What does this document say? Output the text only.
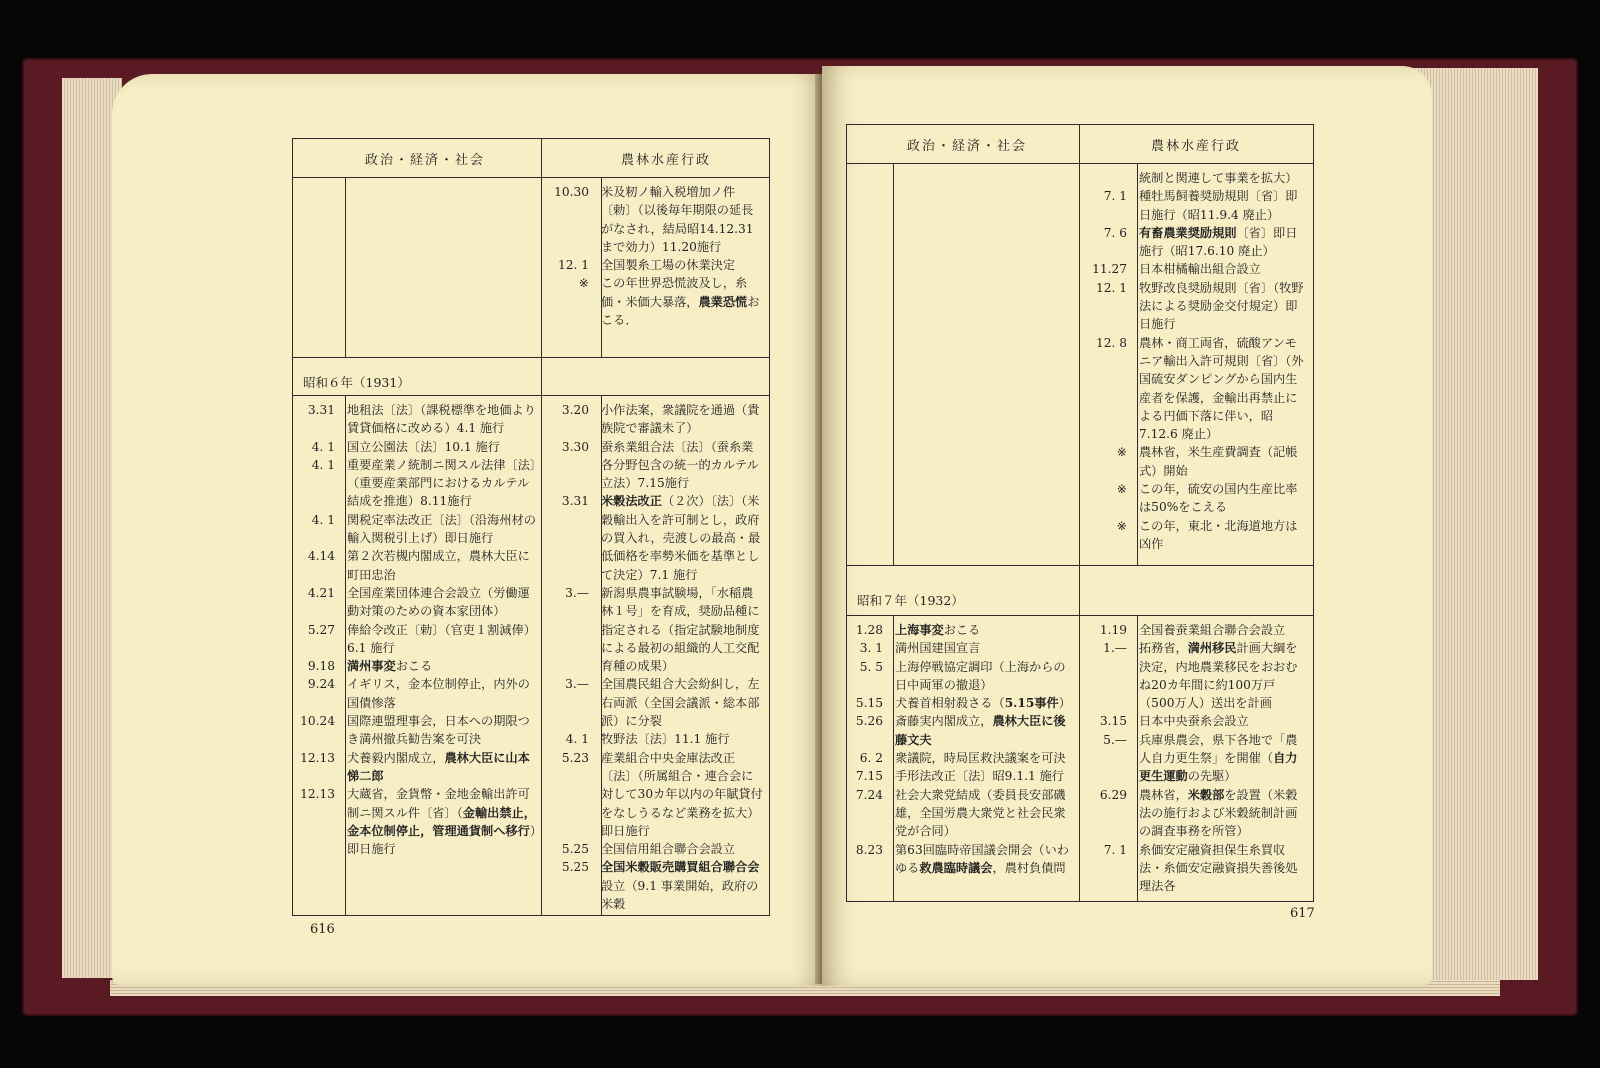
政治・経済・社会	農林水産行政
昭和６年（1931）
10.30 米及籾ノ輸入税増加ノ件〔勅〕（以後毎年期限の延長がなされ，結局昭14.12.31まで効力）11.20施行
12. 1 全国製糸工場の休業決定
※ この年世界恐慌波及し，糸価・米価大暴落，農業恐慌おこる．
3.31 地租法〔法〕（課税標準を地価より賃貸価格に改める）4.1 施行
4. 1 国立公園法〔法〕10.1 施行
4. 1 重要産業ノ統制ニ関スル法律〔法〕（重要産業部門におけるカルテル結成を推進）8.11施行
4. 1 関税定率法改正〔法〕（沿海州材の輸入関税引上げ）即日施行
4.14 第２次若槻内閣成立，農林大臣に町田忠治
4.21 全国産業団体連合会設立（労働運動対策のための資本家団体）
5.27 俸給令改正〔勅〕（官吏１割減俸）6.1 施行
9.18 満州事変おこる
9.24 イギリス，金本位制停止，内外の国債惨落
10.24 国際連盟理事会，日本への期限つき満州撤兵勧告案を可決
12.13 犬養毅内閣成立，農林大臣に山本悌二郎
12.13 大蔵省，金貨幣・金地金輸出許可制ニ関スル件〔省〕（金輸出禁止，金本位制停止，管理通貨制へ移行）即日施行
3.20 小作法案，衆議院を通過（貴族院で審議未了）
3.30 蚕糸業組合法〔法〕（蚕糸業各分野包含の統一的カルテル立法）7.15施行
3.31 米穀法改正（２次）〔法〕（米穀輸出入を許可制とし，政府の買入れ，売渡しの最高・最低価格を率勢米価を基準として決定）7.1 施行
3.— 新潟県農事試験場，「水稲農林１号」を育成，奨励品種に指定される（指定試験地制度による最初の組織的人工交配育種の成果）
3.— 全国農民組合大会紛糾し，左右両派（全国会議派・総本部派）に分裂
4. 1 牧野法〔法〕11.1 施行
5.23 産業組合中央金庫法改正〔法〕（所属組合・連合会に対して30カ年以内の年賦貸付をなしうるなど業務を拡大）即日施行
5.25 全国信用組合聯合会設立
5.25 全国米穀販売購買組合聯合会設立（9.1 事業開始，政府の米穀
616
政治・経済・社会	農林水産行政
昭和７年（1932）
統制と関連して事業を拡大）
7. 1 種牡馬飼養奨励規則〔省〕即日施行（昭11.9.4 廃止）
7. 6 有畜農業奨励規則〔省〕即日施行（昭17.6.10 廃止）
11.27 日本柑橘輸出組合設立
12. 1 牧野改良奨励規則〔省〕（牧野法による奨励金交付規定）即日施行
12. 8 農林・商工両省，硫酸アンモニア輸出入許可規則〔省〕（外国硫安ダンピングから国内生産者を保護，金輸出再禁止による円価下落に伴い，昭7.12.6 廃止）
※ 農林省，米生産費調査（記帳式）開始
※ この年，硫安の国内生産比率は50%をこえる
※ この年，東北・北海道地方は凶作
1.28 上海事変おこる
3. 1 満州国建国宣言
5. 5 上海停戦協定調印（上海からの日中両軍の撤退）
5.15 犬養首相射殺さる（5.15事件）
5.26 斎藤実内閣成立，農林大臣に後藤文夫
6. 2 衆議院，時局匡救決議案を可決
7.15 手形法改正〔法〕昭9.1.1 施行
7.24 社会大衆党結成（委員長安部磯雄，全国労農大衆党と社会民衆党が合同）
8.23 第63回臨時帝国議会開会（いわゆる救農臨時議会，農村負債問
1.19 全国養蚕業組合聯合会設立
1.— 拓務省，満州移民計画大綱を決定，内地農業移民をおおむね20カ年間に約100万戸（500万人）送出を計画
3.15 日本中央蚕糸会設立
5.— 兵庫県農会，県下各地で「農人自力更生祭」を開催（自力更生運動の先駆）
6.29 農林省，米穀部を設置（米穀法の施行および米穀統制計画の調査事務を所管）
7. 1 糸価安定融資担保生糸買収法・糸価安定融資損失善後処理法各
617
